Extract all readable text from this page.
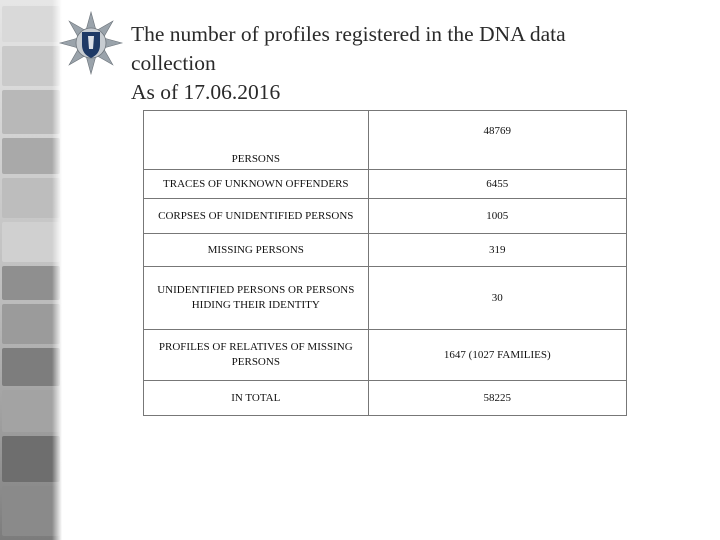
The number of profiles registered in the DNA data
collection
As of 17.06.2016
PERSONS	48769
TRACES OF UNKNOWN OFFENDERS	6455
CORPSES OF UNIDENTIFIED PERSONS	1005
MISSING PERSONS	319
UNIDENTIFIED PERSONS OR PERSONS HIDING THEIR IDENTITY	30
PROFILES OF RELATIVES OF MISSING PERSONS	1647 (1027 FAMILIES)
IN TOTAL	58225
